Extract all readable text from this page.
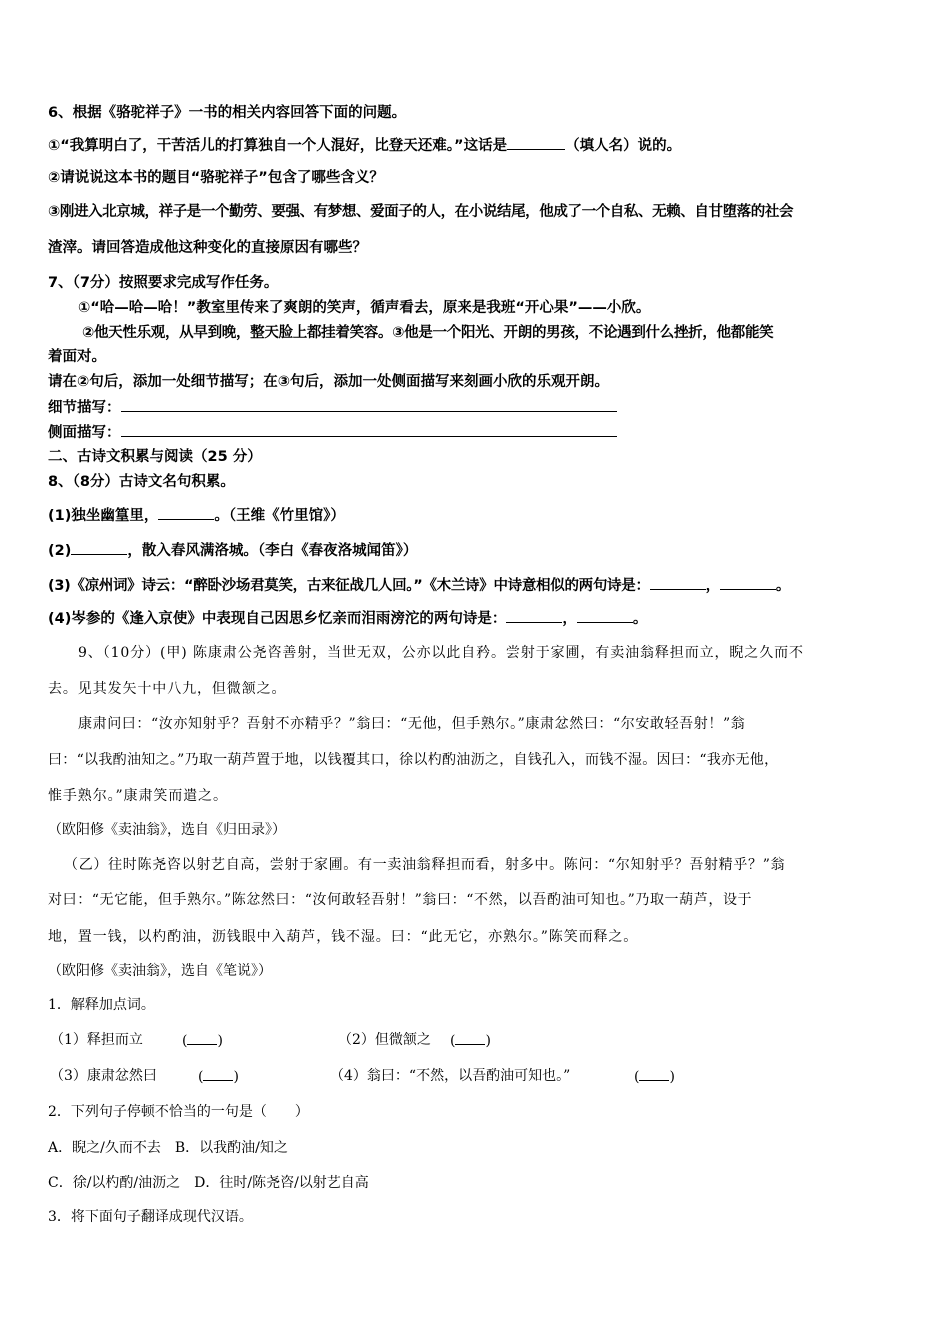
6、根据《骆驼祥子》一书的相关内容回答下面的问题。
①“我算明白了，干苦活儿的打算独自一个人混好，比登天还难。”这话是	（填人名）说的。
②请说说这本书的题目“骆驼祥子”包含了哪些含义？
③刚进入北京城，祥子是一个勤劳、要强、有梦想、爱面子的人，在小说结尾，他成了一个自私、无赖、自甘堕落的社会
渣滓。请回答造成他这种变化的直接原因有哪些？
7、（7分）按照要求完成写作任务。
①“哈—哈—哈！”教室里传来了爽朗的笑声，循声看去，原来是我班“开心果”——小欣。
②他天性乐观，从早到晚，整天脸上都挂着笑容。③他是一个阳光、开朗的男孩，不论遇到什么挫折，他都能笑
着面对。
请在②句后，添加一处细节描写；在③句后，添加一处侧面描写来刻画小欣的乐观开朗。
细节描写：
侧面描写：
二、古诗文积累与阅读（25 分）
8、（8分）古诗文名句积累。
(1)独坐幽篁里，	。（王维《竹里馆》）
(2)	，散入春风满洛城。（李白《春夜洛城闻笛》）
(3)《凉州词》诗云：“醉卧沙场君莫笑，古来征战几人回。”《木兰诗》中诗意相似的两句诗是：	，	。
(4)岑参的《逢入京使》中表现自己因思乡忆亲而泪雨滂沱的两句诗是：	，	。
9、（10分）(甲) 陈康肃公尧咨善射，当世无双，公亦以此自矜。尝射于家圃，有卖油翁释担而立，睨之久而不
去。见其发矢十中八九，但微颔之。
康肃问曰：“汝亦知射乎？吾射不亦精乎？”翁曰：“无他，但手熟尔。”康肃忿然曰：“尔安敢轻吾射！”翁
曰：“以我酌油知之。”乃取一葫芦置于地，以钱覆其口，徐以杓酌油沥之，自钱孔入，而钱不湿。因曰：“我亦无他，
惟手熟尔。”康肃笑而遣之。
（欧阳修《卖油翁》，选自《归田录》）
（乙）往时陈尧咨以射艺自高，尝射于家圃。有一卖油翁释担而看，射多中。陈问：“尔知射乎？吾射精乎？”翁
对曰：“无它能，但手熟尔。”陈忿然曰：“汝何敢轻吾射！”翁曰：“不然，以吾酌油可知也。”乃取一葫芦，设于
地，置一钱，以杓酌油，沥钱眼中入葫芦，钱不湿。曰：“此无它，亦熟尔。”陈笑而释之。
（欧阳修《卖油翁》，选自《笔说》）
1．解释加点词。
（1）释担而立	( )	（2）但微颔之 ( )
（3）康肃忿然曰	( )	（4）翁曰：“不然，以吾酌油可知也。”	( )
2．下列句子停顿不恰当的一句是（　　）
A．睨之/久而不去　B．以我酌油/知之
C．徐/以杓酌/油沥之　D．往时/陈尧咨/以射艺自高
3．将下面句子翻译成现代汉语。
